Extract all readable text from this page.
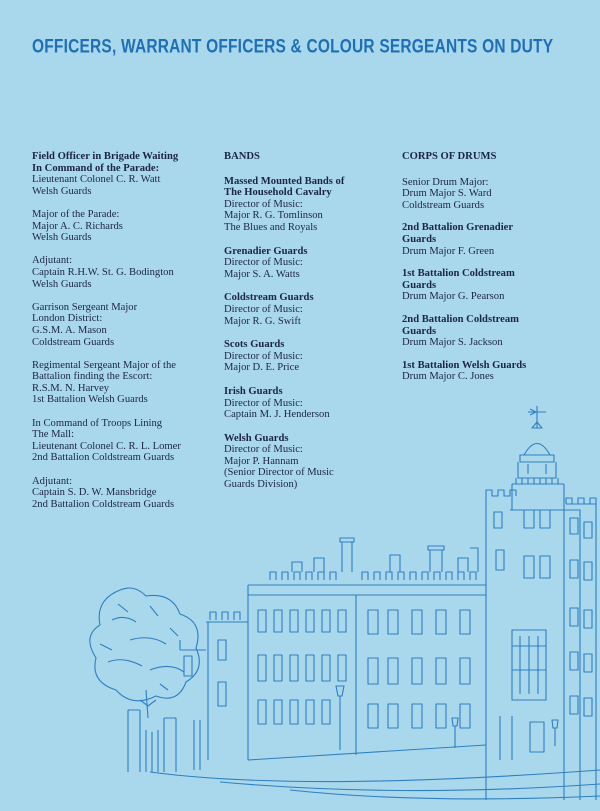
OFFICERS, WARRANT OFFICERS & COLOUR SERGEANTS ON DUTY
Field Officer in Brigade Waiting
In Command of the Parade:
Lieutenant Colonel C. R. Watt
Welsh Guards
Major of the Parade:
Major A. C. Richards
Welsh Guards
Adjutant:
Captain R.H.W. St. G. Bodington
Welsh Guards
Garrison Sergeant Major
London District:
G.S.M. A. Mason
Coldstream Guards
Regimental Sergeant Major of the
Battalion finding the Escort:
R.S.M. N. Harvey
1st Battalion Welsh Guards
In Command of Troops Lining
The Mall:
Lieutenant Colonel C. R. L. Lomer
2nd Battalion Coldstream Guards
Adjutant:
Captain S. D. W. Mansbridge
2nd Battalion Coldstream Guards
BANDS
Massed Mounted Bands of
The Household Cavalry
Director of Music:
Major R. G. Tomlinson
The Blues and Royals
Grenadier Guards
Director of Music:
Major S. A. Watts
Coldstream Guards
Director of Music:
Major R. G. Swift
Scots Guards
Director of Music:
Major D. E. Price
Irish Guards
Director of Music:
Captain M. J. Henderson
Welsh Guards
Director of Music:
Major P. Hannam
(Senior Director of Music
Guards Division)
CORPS OF DRUMS
Senior Drum Major:
Drum Major S. Ward
Coldstream Guards
2nd Battalion Grenadier
Guards
Drum Major F. Green
1st Battalion Coldstream
Guards
Drum Major G. Pearson
2nd Battalion Coldstream
Guards
Drum Major S. Jackson
1st Battalion Welsh Guards
Drum Major C. Jones
